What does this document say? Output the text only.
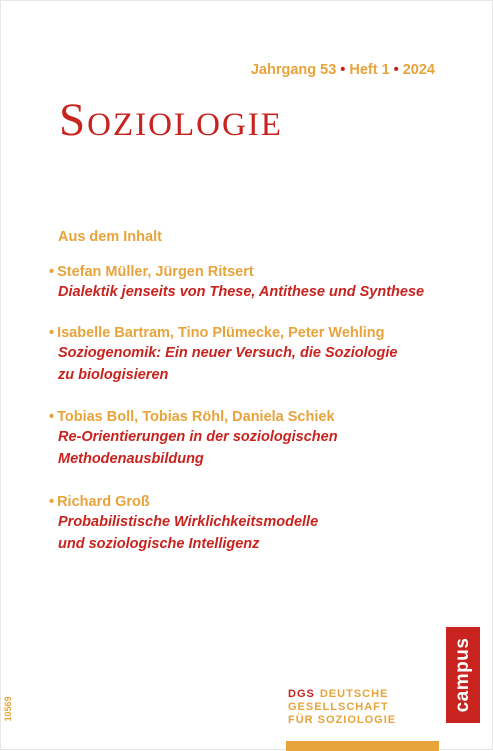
Jahrgang 53 • Heft 1 • 2024
Soziologie
Aus dem Inhalt
• Stefan Müller, Jürgen Ritsert
Dialektik jenseits von These, Antithese und Synthese
• Isabelle Bartram, Tino Plümecke, Peter Wehling
Soziogenomik: Ein neuer Versuch, die Soziologie
zu biologisieren
• Tobias Boll, Tobias Röhl, Daniela Schiek
Re-Orientierungen in der soziologischen
Methodenausbildung
• Richard Groß
Probabilistische Wirklichkeitsmodelle
und soziologische Intelligenz
10569
DGS DEUTSCHE
GESELLSCHAFT
FÜR SOZIOLOGIE
campus
